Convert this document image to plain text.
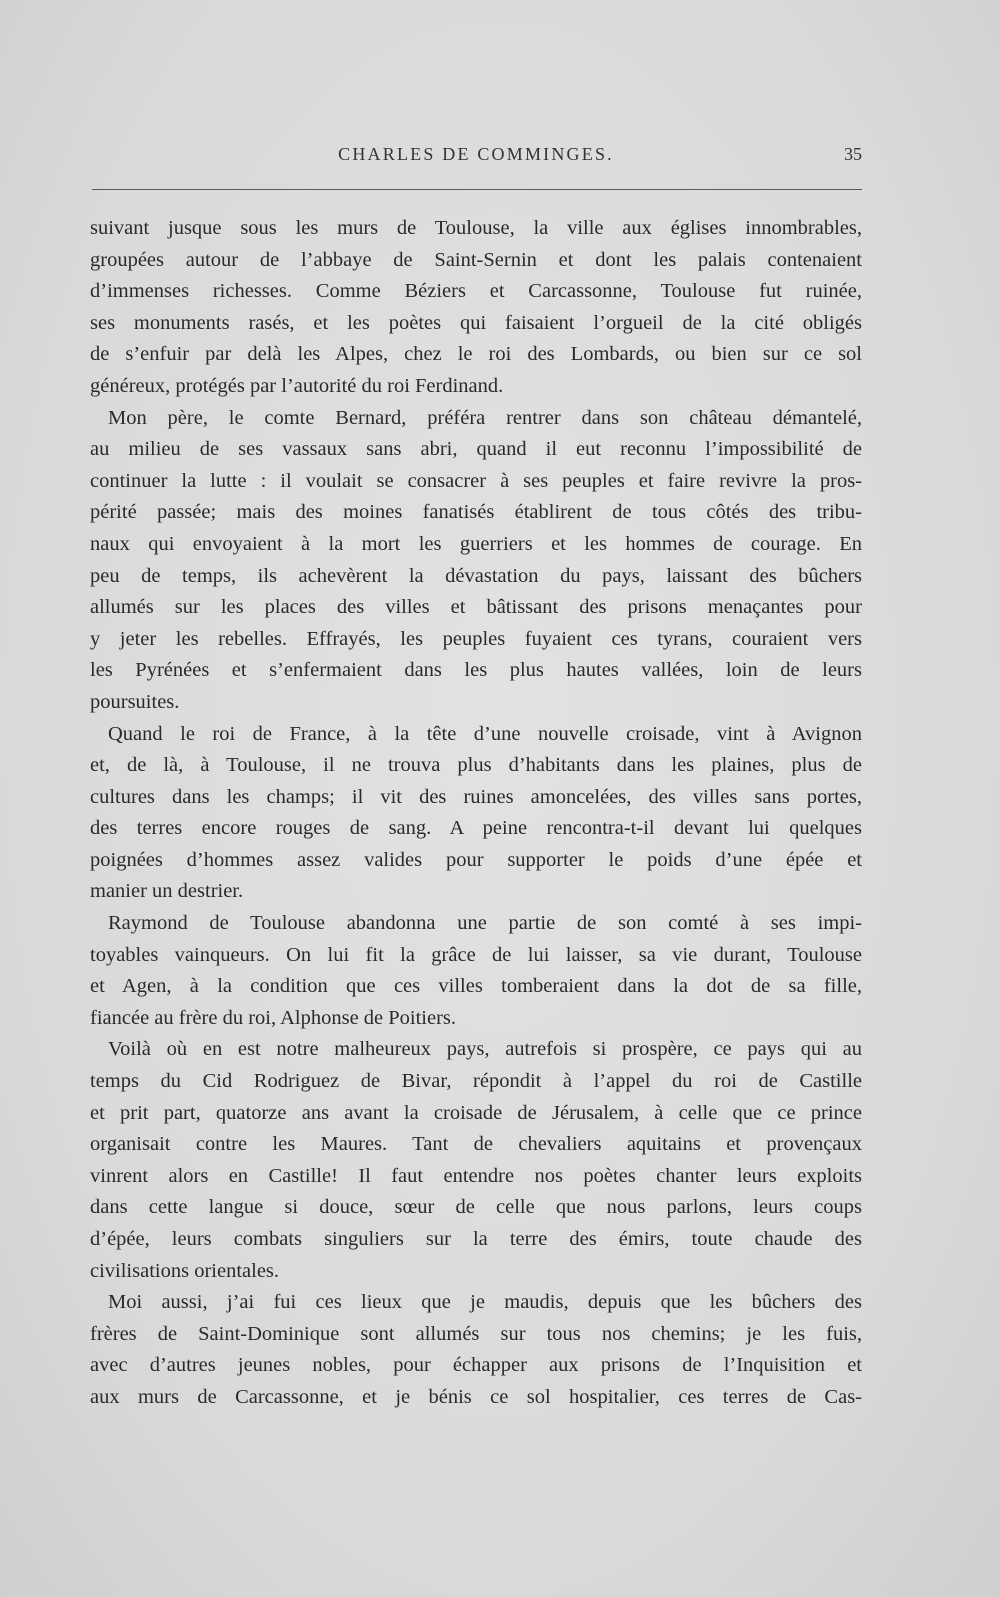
CHARLES DE COMMINGES.	35
suivant jusque sous les murs de Toulouse, la ville aux églises innombrables,
groupées autour de l’abbaye de Saint-Sernin et dont les palais contenaient
d’immenses richesses. Comme Béziers et Carcassonne, Toulouse fut ruinée,
ses monuments rasés, et les poètes qui faisaient l’orgueil de la cité obligés
de s’enfuir par delà les Alpes, chez le roi des Lombards, ou bien sur ce sol
généreux, protégés par l’autorité du roi Ferdinand.
Mon père, le comte Bernard, préféra rentrer dans son château démantelé,
au milieu de ses vassaux sans abri, quand il eut reconnu l’impossibilité de
continuer la lutte : il voulait se consacrer à ses peuples et faire revivre la pros-
périté passée; mais des moines fanatisés établirent de tous côtés des tribu-
naux qui envoyaient à la mort les guerriers et les hommes de courage. En
peu de temps, ils achevèrent la dévastation du pays, laissant des bûchers
allumés sur les places des villes et bâtissant des prisons menaçantes pour
y jeter les rebelles. Effrayés, les peuples fuyaient ces tyrans, couraient vers
les Pyrénées et s’enfermaient dans les plus hautes vallées, loin de leurs
poursuites.
Quand le roi de France, à la tête d’une nouvelle croisade, vint à Avignon
et, de là, à Toulouse, il ne trouva plus d’habitants dans les plaines, plus de
cultures dans les champs; il vit des ruines amoncelées, des villes sans portes,
des terres encore rouges de sang. A peine rencontra-t-il devant lui quelques
poignées d’hommes assez valides pour supporter le poids d’une épée et
manier un destrier.
Raymond de Toulouse abandonna une partie de son comté à ses impi-
toyables vainqueurs. On lui fit la grâce de lui laisser, sa vie durant, Toulouse
et Agen, à la condition que ces villes tomberaient dans la dot de sa fille,
fiancée au frère du roi, Alphonse de Poitiers.
Voilà où en est notre malheureux pays, autrefois si prospère, ce pays qui au
temps du Cid Rodriguez de Bivar, répondit à l’appel du roi de Castille
et prit part, quatorze ans avant la croisade de Jérusalem, à celle que ce prince
organisait contre les Maures. Tant de chevaliers aquitains et provençaux
vinrent alors en Castille! Il faut entendre nos poètes chanter leurs exploits
dans cette langue si douce, sœur de celle que nous parlons, leurs coups
d’épée, leurs combats singuliers sur la terre des émirs, toute chaude des
civilisations orientales.
Moi aussi, j’ai fui ces lieux que je maudis, depuis que les bûchers des
frères de Saint-Dominique sont allumés sur tous nos chemins; je les fuis,
avec d’autres jeunes nobles, pour échapper aux prisons de l’Inquisition et
aux murs de Carcassonne, et je bénis ce sol hospitalier, ces terres de Cas-
